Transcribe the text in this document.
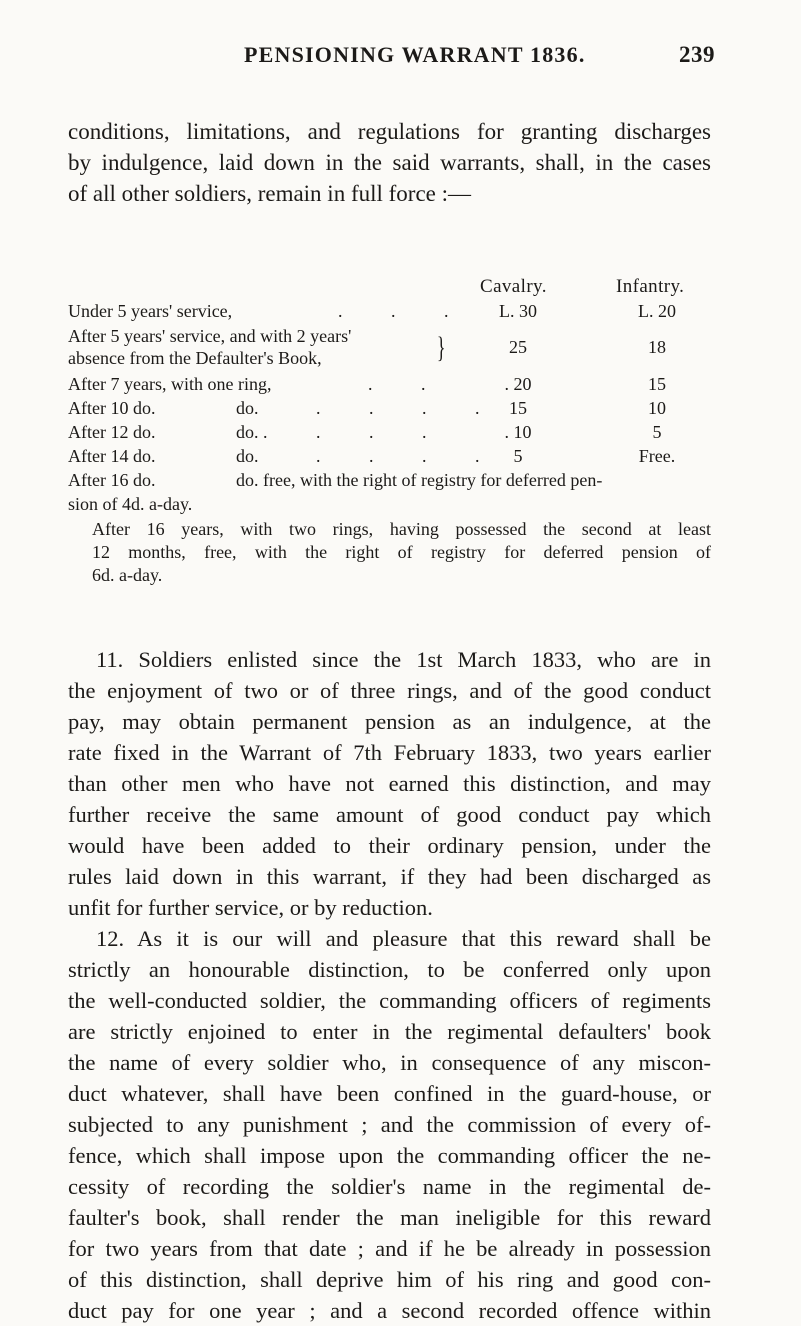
PENSIONING WARRANT 1836.	239
conditions, limitations, and regulations for granting discharges
by indulgence, laid down in the said warrants, shall, in the cases
of all other soldiers, remain in full force :—
Cavalry.	Infantry.
Under 5 years' service,	. . .	L. 30	L. 20
After 5 years' service, and with 2 years'
absence from the Defaulter's Book,	}	25	18
After 7 years, with one ring,	. .	. 20	15
After 10 do.	do.	. . . . 15	10
After 12 do.	do. .	. . .	. 10	5
After 14 do.	do.	. . . . 5	Free.
After 16 do.	do. free, with the right of registry for deferred pen-
sion of 4d. a-day.
After 16 years, with two rings, having possessed the second at least
12 months, free, with the right of registry for deferred pension of
6d. a-day.
11. Soldiers enlisted since the 1st March 1833, who are in
the enjoyment of two or of three rings, and of the good conduct
pay, may obtain permanent pension as an indulgence, at the
rate fixed in the Warrant of 7th February 1833, two years earlier
than other men who have not earned this distinction, and may
further receive the same amount of good conduct pay which
would have been added to their ordinary pension, under the
rules laid down in this warrant, if they had been discharged as
unfit for further service, or by reduction.
12. As it is our will and pleasure that this reward shall be
strictly an honourable distinction, to be conferred only upon
the well-conducted soldier, the commanding officers of regiments
are strictly enjoined to enter in the regimental defaulters' book
the name of every soldier who, in consequence of any miscon-
duct whatever, shall have been confined in the guard-house, or
subjected to any punishment ; and the commission of every of-
fence, which shall impose upon the commanding officer the ne-
cessity of recording the soldier's name in the regimental de-
faulter's book, shall render the man ineligible for this reward
for two years from that date ; and if he be already in possession
of this distinction, shall deprive him of his ring and good con-
duct pay for one year ; and a second recorded offence within
